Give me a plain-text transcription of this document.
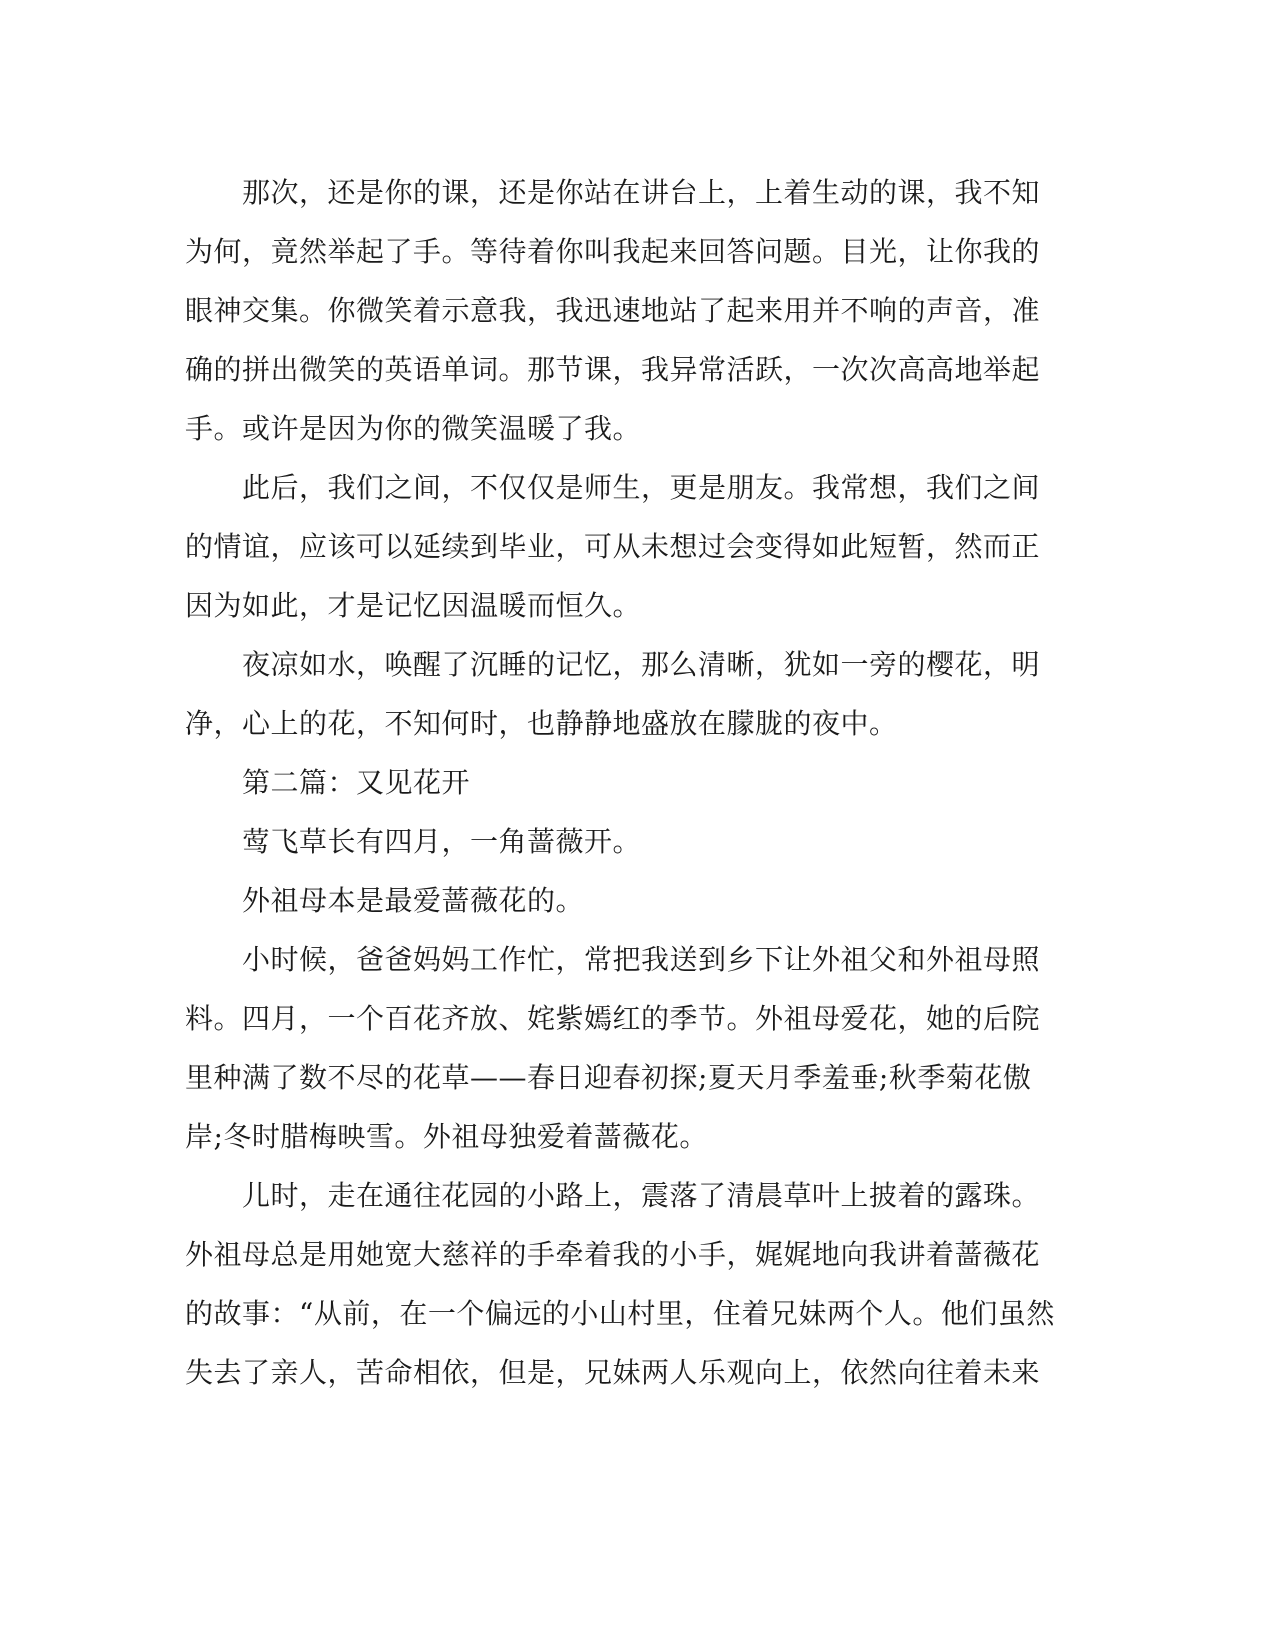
　　那次，还是你的课，还是你站在讲台上，上着生动的课，我不知为何，竟然举起了手。等待着你叫我起来回答问题。目光，让你我的眼神交集。你微笑着示意我，我迅速地站了起来用并不响的声音，准确的拼出微笑的英语单词。那节课，我异常活跃，一次次高高地举起手。或许是因为你的微笑温暖了我。

　　此后，我们之间，不仅仅是师生，更是朋友。我常想，我们之间的情谊，应该可以延续到毕业，可从未想过会变得如此短暂，然而正因为如此，才是记忆因温暖而恒久。

　　夜凉如水，唤醒了沉睡的记忆，那么清晰，犹如一旁的樱花，明净，心上的花，不知何时，也静静地盛放在朦胧的夜中。

　　第二篇：又见花开

　　莺飞草长有四月，一角蔷薇开。

　　外祖母本是最爱蔷薇花的。

　　小时候，爸爸妈妈工作忙，常把我送到乡下让外祖父和外祖母照料。四月，一个百花齐放、姹紫嫣红的季节。外祖母爱花，她的后院里种满了数不尽的花草——春日迎春初探;夏天月季羞垂;秋季菊花傲岸;冬时腊梅映雪。外祖母独爱着蔷薇花。

　　儿时，走在通往花园的小路上，震落了清晨草叶上披着的露珠。外祖母总是用她宽大慈祥的手牵着我的小手，娓娓地向我讲着蔷薇花的故事：“从前，在一个偏远的小山村里，住着兄妹两个人。他们虽然失去了亲人，苦命相依，但是，兄妹两人乐观向上，依然向往着未来
